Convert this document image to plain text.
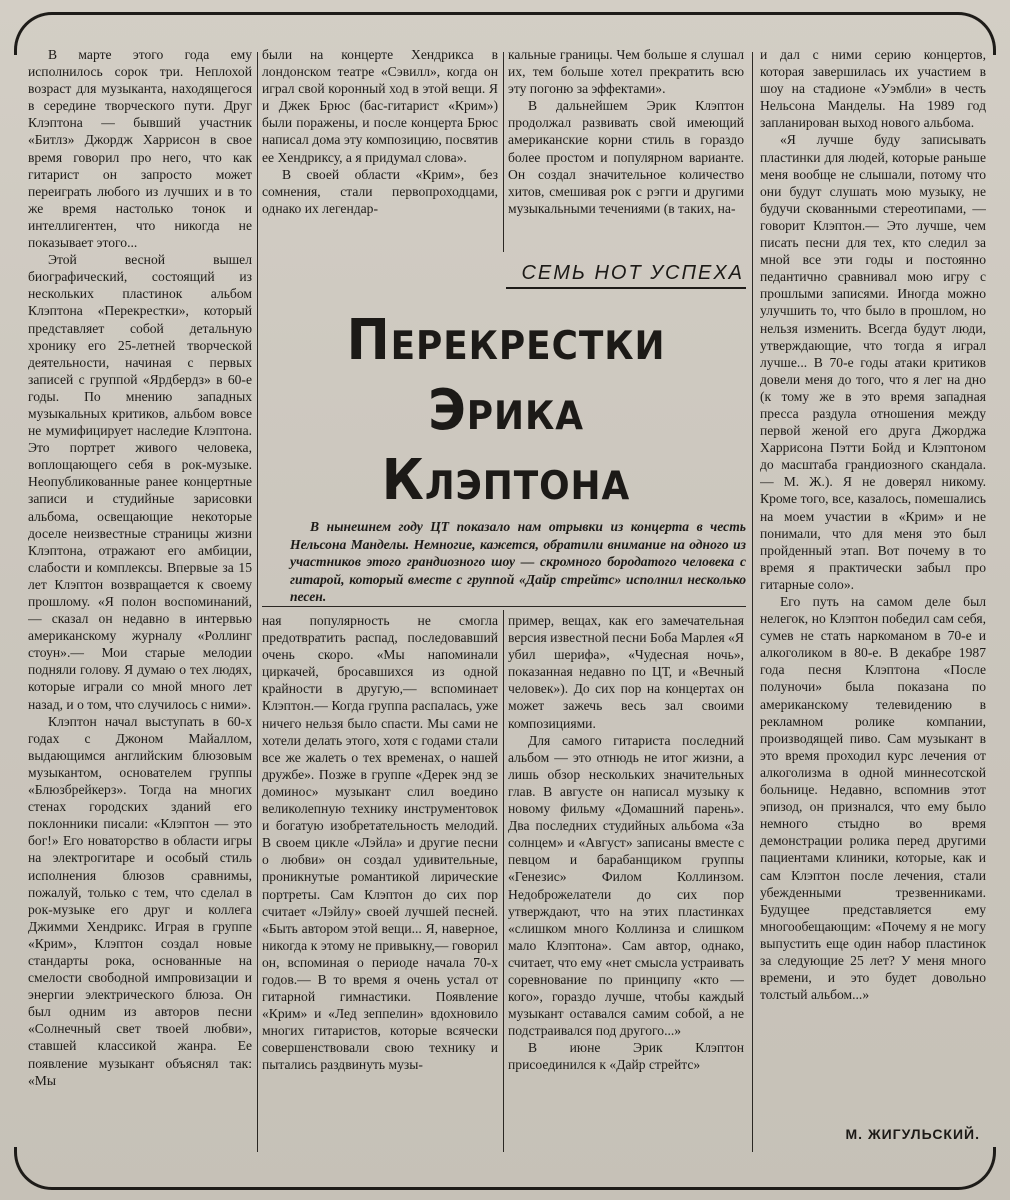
В марте этого года ему исполнилось сорок три. Неплохой возраст для музыканта, находящегося в середине творческого пути. Друг Клэптона — бывший участник «Битлз» Джордж Харрисон в свое время говорил про него, что как гитарист он запросто может переиграть любого из лучших и в то же время настолько тонок и интеллигентен, что никогда не показывает этого...

Этой весной вышел биографический, состоящий из нескольких пластинок альбом Клэптона «Перекрестки», который представляет собой детальную хронику его 25-летней творческой деятельности, начиная с первых записей с группой «Ярдбердз» в 60-е годы. По мнению западных музыкальных критиков, альбом вовсе не мумифицирует наследие Клэптона. Это портрет живого человека, воплощающего себя в рок-музыке. Неопубликованные ранее концертные записи и студийные зарисовки альбома, освещающие некоторые доселе неизвестные страницы жизни Клэптона, отражают его амбиции, слабости и комплексы. Впервые за 15 лет Клэптон возвращается к своему прошлому. «Я полон воспоминаний,— сказал он недавно в интервью американскому журналу «Роллинг стоун».— Мои старые мелодии подняли голову. Я думаю о тех людях, которые играли со мной много лет назад, и о том, что случилось с ними».

Клэптон начал выступать в 60-х годах с Джоном Майаллом, выдающимся английским блюзовым музыкантом, основателем группы «Блюзбрейкерз». Тогда на многих стенах городских зданий его поклонники писали: «Клэптон — это бог!» Его новаторство в области игры на электрогитаре и особый стиль исполнения блюзов сравнимы, пожалуй, только с тем, что сделал в рок-музыке его друг и коллега Джимми Хендрикс. Играя в группе «Крим», Клэптон создал новые стандарты рока, основанные на смелости свободной импровизации и энергии электрического блюза. Он был одним из авторов песни «Солнечный свет твоей любви», ставшей классикой жанра. Ее появление музыкант объяснял так: «Мы

были на концерте Хендрикса в лондонском театре «Сэвилл», когда он играл свой коронный ход в этой вещи. Я и Джек Брюс (бас-гитарист «Крим») были поражены, и после концерта Брюс написал дома эту композицию, посвятив ее Хендриксу, а я придумал слова».

В своей области «Крим», без сомнения, стали первопроходцами, однако их легендар-

кальные границы. Чем больше я слушал их, тем больше хотел прекратить всю эту погоню за эффектами».

В дальнейшем Эрик Клэптон продолжал развивать свой имеющий американские корни стиль в гораздо более простом и популярном варианте. Он создал значительное количество хитов, смешивая рок с рэгги и другими музыкальными течениями (в таких, на-

СЕМЬ НОТ УСПЕХА
Перекрестки
Эрика
Клэптона
В нынешнем году ЦТ показало нам отрывки из концерта в честь Нельсона Манделы. Немногие, кажется, обратили внимание на одного из участников этого грандиозного шоу — скромного бородатого человека с гитарой, который вместе с группой «Дайр стрейтс» исполнил несколько песен.

ная популярность не смогла предотвратить распад, последовавший очень скоро. «Мы напоминали циркачей, бросавшихся из одной крайности в другую,— вспоминает Клэптон.— Когда группа распалась, уже ничего нельзя было спасти. Мы сами не хотели делать этого, хотя с годами стали все же жалеть о тех временах, о нашей дружбе». Позже в группе «Дерек энд зе доминос» музыкант слил воедино великолепную технику инструментовок и богатую изобретательность мелодий. В своем цикле «Лэйла» и другие песни о любви» он создал удивительные, проникнутые романтикой лирические портреты. Сам Клэптон до сих пор считает «Лэйлу» своей лучшей песней. «Быть автором этой вещи... Я, наверное, никогда к этому не привыкну,— говорил он, вспоминая о периоде начала 70-х годов.— В то время я очень устал от гитарной гимнастики. Появление «Крим» и «Лед зеппелин» вдохновило многих гитаристов, которые всячески совершенствовали свою технику и пытались раздвинуть музы-

пример, вещах, как его замечательная версия известной песни Боба Марлея «Я убил шерифа», «Чудесная ночь», показанная недавно по ЦТ, и «Вечный человек»). До сих пор на концертах он может зажечь весь зал своими композициями.

Для самого гитариста последний альбом — это отнюдь не итог жизни, а лишь обзор нескольких значительных глав. В августе он написал музыку к новому фильму «Домашний парень». Два последних студийных альбома «За солнцем» и «Август» записаны вместе с певцом и барабанщиком группы «Генезис» Филом Коллинзом. Недоброжелатели до сих пор утверждают, что на этих пластинках «слишком много Коллинза и слишком мало Клэптона». Сам автор, однако, считает, что ему «нет смысла устраивать соревнование по принципу «кто — кого», гораздо лучше, чтобы каждый музыкант оставался самим собой, а не подстраивался под другого...»

В июне Эрик Клэптон присоединился к «Дайр стрейтс»

и дал с ними серию концертов, которая завершилась их участием в шоу на стадионе «Уэмбли» в честь Нельсона Манделы. На 1989 год запланирован выход нового альбома.

«Я лучше буду записывать пластинки для людей, которые раньше меня вообще не слышали, потому что они будут слушать мою музыку, не будучи скованными стереотипами, — говорит Клэптон.— Это лучше, чем писать песни для тех, кто следил за мной все эти годы и постоянно педантично сравнивал мою игру с прошлыми записями. Иногда можно улучшить то, что было в прошлом, но нельзя изменить. Всегда будут люди, утверждающие, что тогда я играл лучше... В 70-е годы атаки критиков довели меня до того, что я лег на дно (к тому же в это время западная пресса раздула отношения между первой женой его друга Джорджа Харрисона Пэтти Бойд и Клэптоном до масштаба грандиозного скандала.— М. Ж.). Я не доверял никому. Кроме того, все, казалось, помешались на моем участии в «Крим» и не понимали, что для меня это был пройденный этап. Вот почему в то время я практически забыл про гитарные соло».

Его путь на самом деле был нелегок, но Клэптон победил сам себя, сумев не стать наркоманом в 70-е и алкоголиком в 80-е. В декабре 1987 года песня Клэптона «После полуночи» была показана по американскому телевидению в рекламном ролике компании, производящей пиво. Сам музыкант в это время проходил курс лечения от алкоголизма в одной миннесотской больнице. Недавно, вспомнив этот эпизод, он признался, что ему было немного стыдно во время демонстрации ролика перед другими пациентами клиники, которые, как и сам Клэптон после лечения, стали убежденными трезвенниками. Будущее представляется ему многообещающим: «Почему я не могу выпустить еще один набор пластинок за следующие 25 лет? У меня много времени, и это будет довольно толстый альбом...»

М. ЖИГУЛЬСКИЙ.
